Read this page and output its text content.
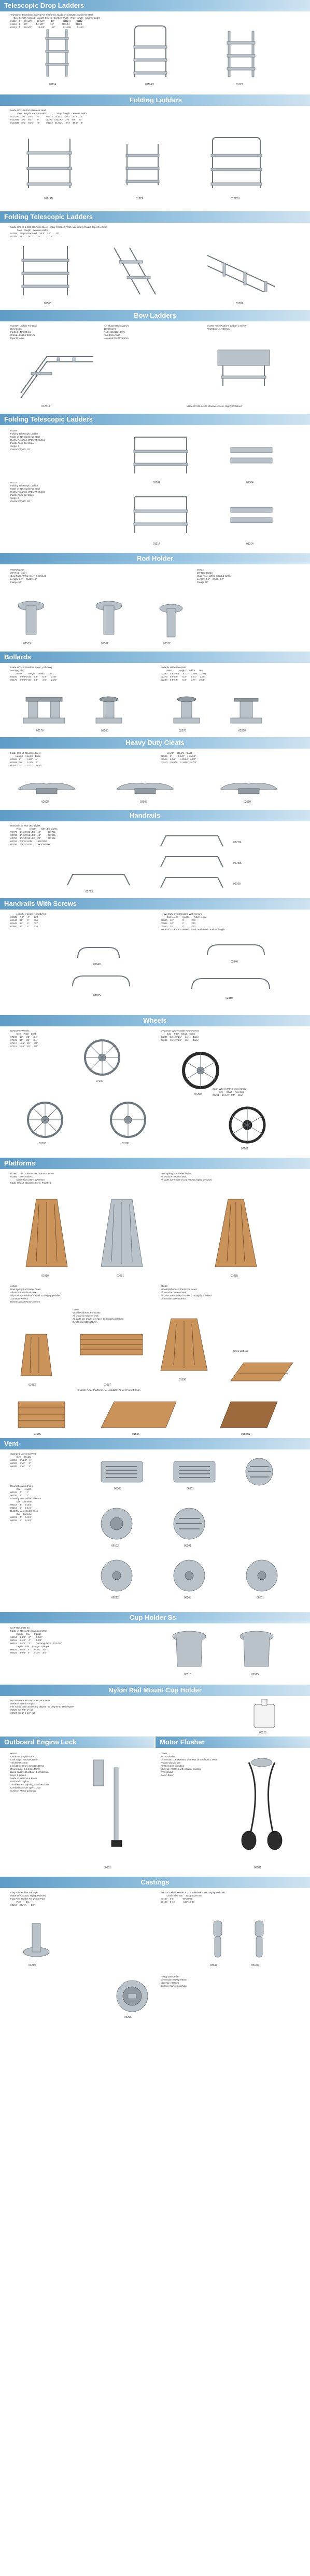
Telescopic Drop Ladders
Telescopic Boarding Ladders For Platforms, Made Of 316&304 Stainless Steel.
Box  Length Ascend   Length Extend  Centum Width   Rfer Handle   Under Handle
01112   3      20-1/2"        13-1/2"          10"            01112H         01112
01113   3      20"             14-1/2"          12"            01113H         01122
01114   4      20-1/2"         15-1/2"          12"            01114H         01123
01114	01114H	01122
Folding Ladders
Made Of 316&304 Stainless steel.
Step   length   centrum width              Step   length   centrum width
01212N    2+1    20.8"      8"          01212   01212U    2+1    20.8"    8"
01222N    3+2    40"        8"          01222   01222U    3+2    40"      8"
01232N    3+2    48.5"      8"          01232   01232U    3+2    48.5"    8"
01212N	01222	01222U
Folding Telescopic Ladders
Made Of 316 & 304 Stainless Steel, Highly Polished, With Anti-sliding Plastic Taps On Steps
Step    length   centrum width
01302    Steps+Standard    35.5"   7.5"       10"
01303    1+2       50"       7.5"          1-1/4"
01303	01302
Bow Ladders
01231Y  Ladder For Bow
Dimension:
Folded:145*300mm
Unfolded:1200*200mm
Pipe:22.4mm
"U" Shape Bed Support
100 Degree
Rod: 150x16x16mm
Fork Dimension
Unfolded:75"36"*14mm
01003  One Platform Ladder 2 Steps
W:280mm, L:600mm
01231Y	Made Of 316 & 304 Stainless Steel, Highly Polished.
Folding Telescopic Ladders
01304
Folding Telescopic Ladder
Made of 316 Stainless Steel
Highly Polished, With Anti-sliding
Plastic Taps On Steps
Steps: 4
Centum Width: 10"
01314
Folding Telescopic Ladder
Made of 316 Stainless Steel
Highly Polished, With Anti-sliding
Plastic Taps On Steps
Steps: 3
Centum Width: 10"
01304	01304
01314	01314
Rod Holder
02302/02303
30" Rod Holder
Oval Face, White Insert & Gasket
Length: 8.4"    Width: 4.2"
Flange 90"
02312
30" Rod Holder
Oval Face, White Insert & Gasket
Length: 8.4"    Width: 3.7"
Flange 90"
02303	02302	02312
Bollards
Made Of 316 Stainless Steel , polishing
Mooring Bitt
Base          Height     Width      Dia
02160    6-3/5*3-3/4"  6.3"       6.3"       2.48"
02170    6-3/5*7-3/4"  6.3"       4.5"       2.75"
Bollards With Baseplate
Base          Height     Width      Dia
02260    5.83*5.8"     4.72"      3.94"     2.08"
02270    5.9*5.9"      5.3"       5.91"     2.68"
02280    6.5*6.5"      5.3"       3.8"      2.64"
02170	02160	02270	02260
Heavy Duty Cleats
Made Of 316 Stainless Steel
Length    Height    Base
02608   8"        1-1/8"    4"
02609   10"       1-3/8"    5"
02610   12"       1-1/2"    5-1/2"
Length     Height    Base
02506    6"         1-1/8"    4-11/64"
02509    8-5/8"     1-25/64"  5-1/4"
02510    10-5/8"    1-19/32"  5-7/8"
02608	02506	02510
Handrails
Handrails or with LED Lights
Pipe             length       with LED Lights
02770    1" (7/8"od LED)  12"          02770L
02780    1" (7/8"od LED)  18"          02780L
02790    1" (7/8"od LED)  24"          02790L
02793    7/8"od LED       1940*300
02794    7/8"od LED       76x3ON/200"
02770L
02780L
02793
02790
Handrails With Screws
Length   Height   Length/mm
02635    7-8"     4"       222
02640    12"      4"       305
02645    18"      4"       457
02650    24"      4"       610
Heavy Duty Oval Handrail With screws
End to end      Height       Tube Height
02840    12"             4"           200
02845    18"             4"           240
02850    24"             4"           240
Made of 316&304 Stainless Steel, Available in various length
02640
02840
02635
02850
Wheels
Destroyer Wheels
Size    Pitch   Shaft
07100    13"     25°     3/4"
07105    15"     25°     3/4"
07110    13.5"   25°     3/4"
07115    15.5"   25°     3/4"
Destroyer Wheels With Foam Cover
Size    Pitch   Shaft    Color
07200    13-1/2" 25°     3/4"     Black
07205    15-1/2" 25°     3/4"     Black
Sport Wheel With Control Knob
Size     Shaft    Rim Size
07201    13-1/2"  3/4"     Blue
07100
07200
07103	07105
07201
Platforms
01080    Fits   Dimension 230*440*70mm
01081    With Rollers
Dimension 230*440*70mm
Made Of 316 Stainless Steel, Polished
Bow Spring For Power boats,
All wood is made of teak.
All parts are made of a great 316,highly polished
01080	01081	01085
01083
Bow Spring For Power boats,
All wood is made of teak.
All parts are made of a steel 316,highly polished
316 Boat Rollers
Dimension:330*100*100mm
01086
Wood Platforms 2 Parts For Boats
All wood is made of teak.
All parts are made of a steel 316,highly polished
Dimension:610*370mm
01087
Wood Platforms For Boats
All wood is made of teak
All parts are made of a steel 316,highly polished
Dimension:610*370mm
01083	01087
01590
Swim platform
Custom-made Platforms Are Available To Meet Your Design
01586	01586	01588N
Vent
Stamped Louvered Vent
Size     Height
06302    5"x2.5"   1"
06303    6"x3"     1"
06304    8"x4"     1"
Round Louvered Vent
Dia      Height
06105    4"       1"
06106    5"       1"
Butterfly Vent with Knob Vent
Dia    Diameter
06212    4"     1-3/4"
06213    5"     1-1/4"
Butterfly Vent-Cedar Knob
Dia    Diameter
06201    4"     1-3/4"
06205    5"     1-3/4"
06303	06301
06102	06101
06212	06205	06201
Cup Holder Ss
CUP HOLDER SS
Made of 316 & 304 Stainless Steel
Depth     Dia       Flange
06510    3-1/4"    3"        3-5/8"
06511    3-1/4"    4"        4-1/4"
06511    3-1/4"    3"        Rectangular 3-1/8*4-1/4"
Depth    Dia     Flange   Flange
06521    3-3/4"   4"      4-1/4"   3/8"
06522    3-3/4"   4"      4-1/4"   3/4"
06510	06515
Nylon Rail Mount Cup Holder
NYLON RAIL MOUNT CUP HOLDER
Made of Injection Nylon
Fits round rails can be any degree, 90 degree to 180 degree
06520  for 7/8"-1" rail
06520  for 1"-1-1/4" rail
06520
Outboard Engine Lock	Motor Flusher
06601
Outboard Engine Lock
Lock cage: 265x39x35mm
Thickness: 2mm
Lock Dimension: 245x40x30mm
Round pipe: 34x1.5x440mm
Black pads: 100x20mm & 70x20mm
Keys: 2 pieces
Made of AISI316 & Brass
Pad made: Nylon
The keys are key ring, stainless steel
Combination can open: 1.60
Surface: Mirror polishing
06501
Motor Flusher
Dimension: 13.5x58mm, diameter of steel rod: 1.9mm
Rubber plastic tyre
Plastic tubes included
Material: AISI316 with powder coating,
PVC plastic
Color: Black
06601	06501
Castings
Flag Pole Holder For Pipe
Made Of AISI316, Highly Polished
Flag Pole Holder For 25mm Pipe
Pipe       Dia
03219    25mm       3/8"
Anchor Swivel, Made Of 316 Stainless Steel, Highly Polished
Chain Size mm     Body Size mm
03147    6-8              90*38*38
03148    8-10             110*43*43
03219	03147	03148
Heavy Deck Filler
Dimension: 95*32*66mm
Material: AISI316
Surface: Mirror polishing
03295
